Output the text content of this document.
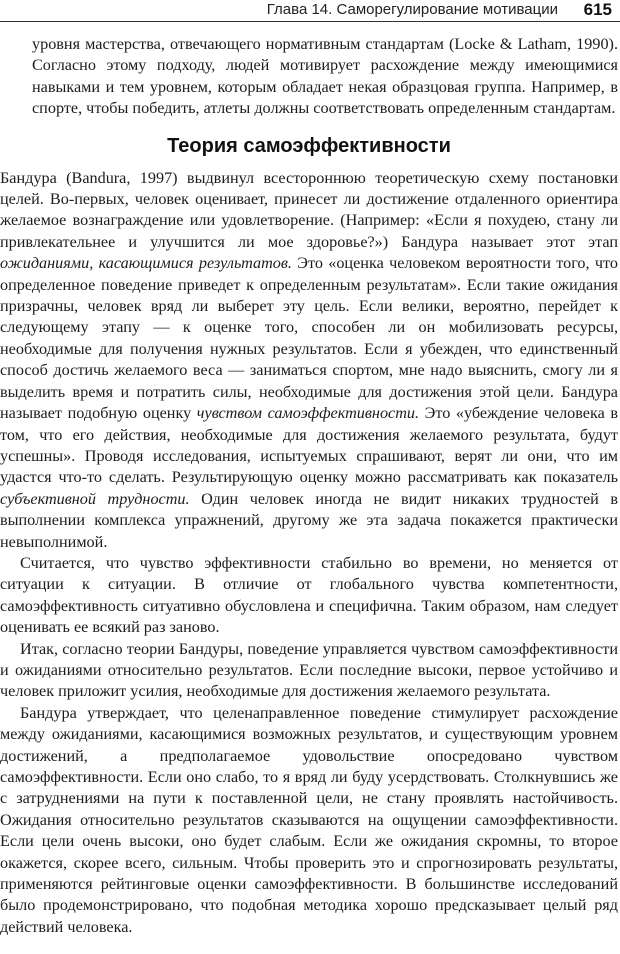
Глава 14. Саморегулирование мотивации 615

уровня мастерства, отвечающего нормативным стандартам (Locke & Latham, 1990). Согласно этому подходу, людей мотивирует расхождение между имеющимися навыками и тем уровнем, которым обладает некая образцовая группа. Например, в спорте, чтобы победить, атлеты должны соответствовать определенным стандартам.

Теория самоэффективности

Бандура (Bandura, 1997) выдвинул всестороннюю теоретическую схему постановки целей. Во-первых, человек оценивает, принесет ли достижение отдаленного ориентира желаемое вознаграждение или удовлетворение. (Например: «Если я похудею, стану ли привлекательнее и улучшится ли мое здоровье?») Бандура называет этот этап ожиданиями, касающимися результатов. Это «оценка человеком вероятности того, что определенное поведение приведет к определенным результатам». Если такие ожидания призрачны, человек вряд ли выберет эту цель. Если велики, вероятно, перейдет к следующему этапу — к оценке того, способен ли он мобилизовать ресурсы, необходимые для получения нужных результатов. Если я убежден, что единственный способ достичь желаемого веса — заниматься спортом, мне надо выяснить, смогу ли я выделить время и потратить силы, необходимые для достижения этой цели. Бандура называет подобную оценку чувством самоэффективности. Это «убеждение человека в том, что его действия, необходимые для достижения желаемого результата, будут успешны». Проводя исследования, испытуемых спрашивают, верят ли они, что им удастся что-то сделать. Результирующую оценку можно рассматривать как показатель субъективной трудности. Один человек иногда не видит никаких трудностей в выполнении комплекса упражнений, другому же эта задача покажется практически невыполнимой.

Считается, что чувство эффективности стабильно во времени, но меняется от ситуации к ситуации. В отличие от глобального чувства компетентности, самоэффективность ситуативно обусловлена и специфична. Таким образом, нам следует оценивать ее всякий раз заново.

Итак, согласно теории Бандуры, поведение управляется чувством самоэффективности и ожиданиями относительно результатов. Если последние высоки, первое устойчиво и человек приложит усилия, необходимые для достижения желаемого результата.

Бандура утверждает, что целенаправленное поведение стимулирует расхождение между ожиданиями, касающимися возможных результатов, и существующим уровнем достижений, а предполагаемое удовольствие опосредовано чувством самоэффективности. Если оно слабо, то я вряд ли буду усердствовать. Столкнувшись же с затруднениями на пути к поставленной цели, не стану проявлять настойчивость. Ожидания относительно результатов сказываются на ощущении самоэффективности. Если цели очень высоки, оно будет слабым. Если же ожидания скромны, то второе окажется, скорее всего, сильным. Чтобы проверить это и спрогнозировать результаты, применяются рейтинговые оценки самоэффективности. В большинстве исследований было продемонстрировано, что подобная методика хорошо предсказывает целый ряд действий человека.
